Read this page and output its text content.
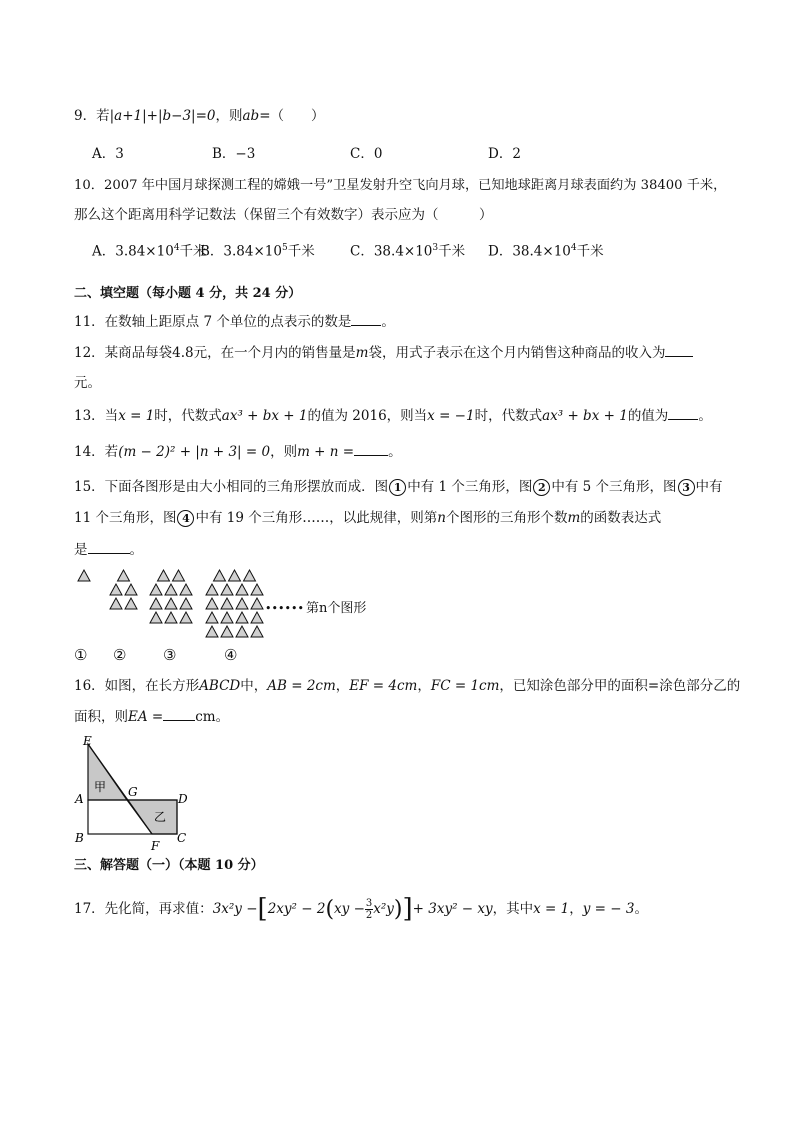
9．若|a+1|+|b−3|=0，则ab=（　　）
A．3	B．−3	C．0	D．2
10．2007 年中国月球探测工程的嫦娥一号”卫星发射升空飞向月球，已知地球距离月球表面约为 38400 千米，
那么这个距离用科学记数法（保留三个有效数字）表示应为（　　　）
A．$3.84\times 10^4$千米
B．$3.84\times 10^5$千米	C．$38.4\times 10^3$千米 D．$38.4\times 10^4$千米
二、填空题（每小题 4 分，共 24 分）
11．在数轴上距原点 7 个单位的点表示的数是 。
12．某商品每袋4.8元，在一个月内的销售量是m袋，用式子表示在这个月内销售这种商品的收入为
元。
13．当x = 1时，代数式ax³ + bx + 1的值为 2016，则当x = −1时，代数式ax³ + bx + 1的值为 。
14．若(m − 2)² + |n + 3| = 0，则m + n =	。
15．下面各图形是由大小相同的三角形摆放而成．图 1 中有 1 个三角形，图 2 中有 5 个三角形，图 3 中有
11 个三角形，图 4 中有 19 个三角形……，以此规律，则第n个图形的三角形个数m的函数表达式
是	。
•••••• 第n个图形
① ② ③	④
16．如图，在长方形ABCD中，AB = 2cm，EF = 4cm，FC = 1cm，已知涂色部分甲的面积=涂色部分乙的
面积，则EA = cm。
E
A
B
G	D
F
C
甲
乙
三、解答题（一）（本题 10 分）
17．先化简，再求值：$3x^2y -[2xy^2 - 2(xy - \frac{3}{2} x^2y)]+ 3xy^2$ − xy，其中x = 1，y = − 3。
